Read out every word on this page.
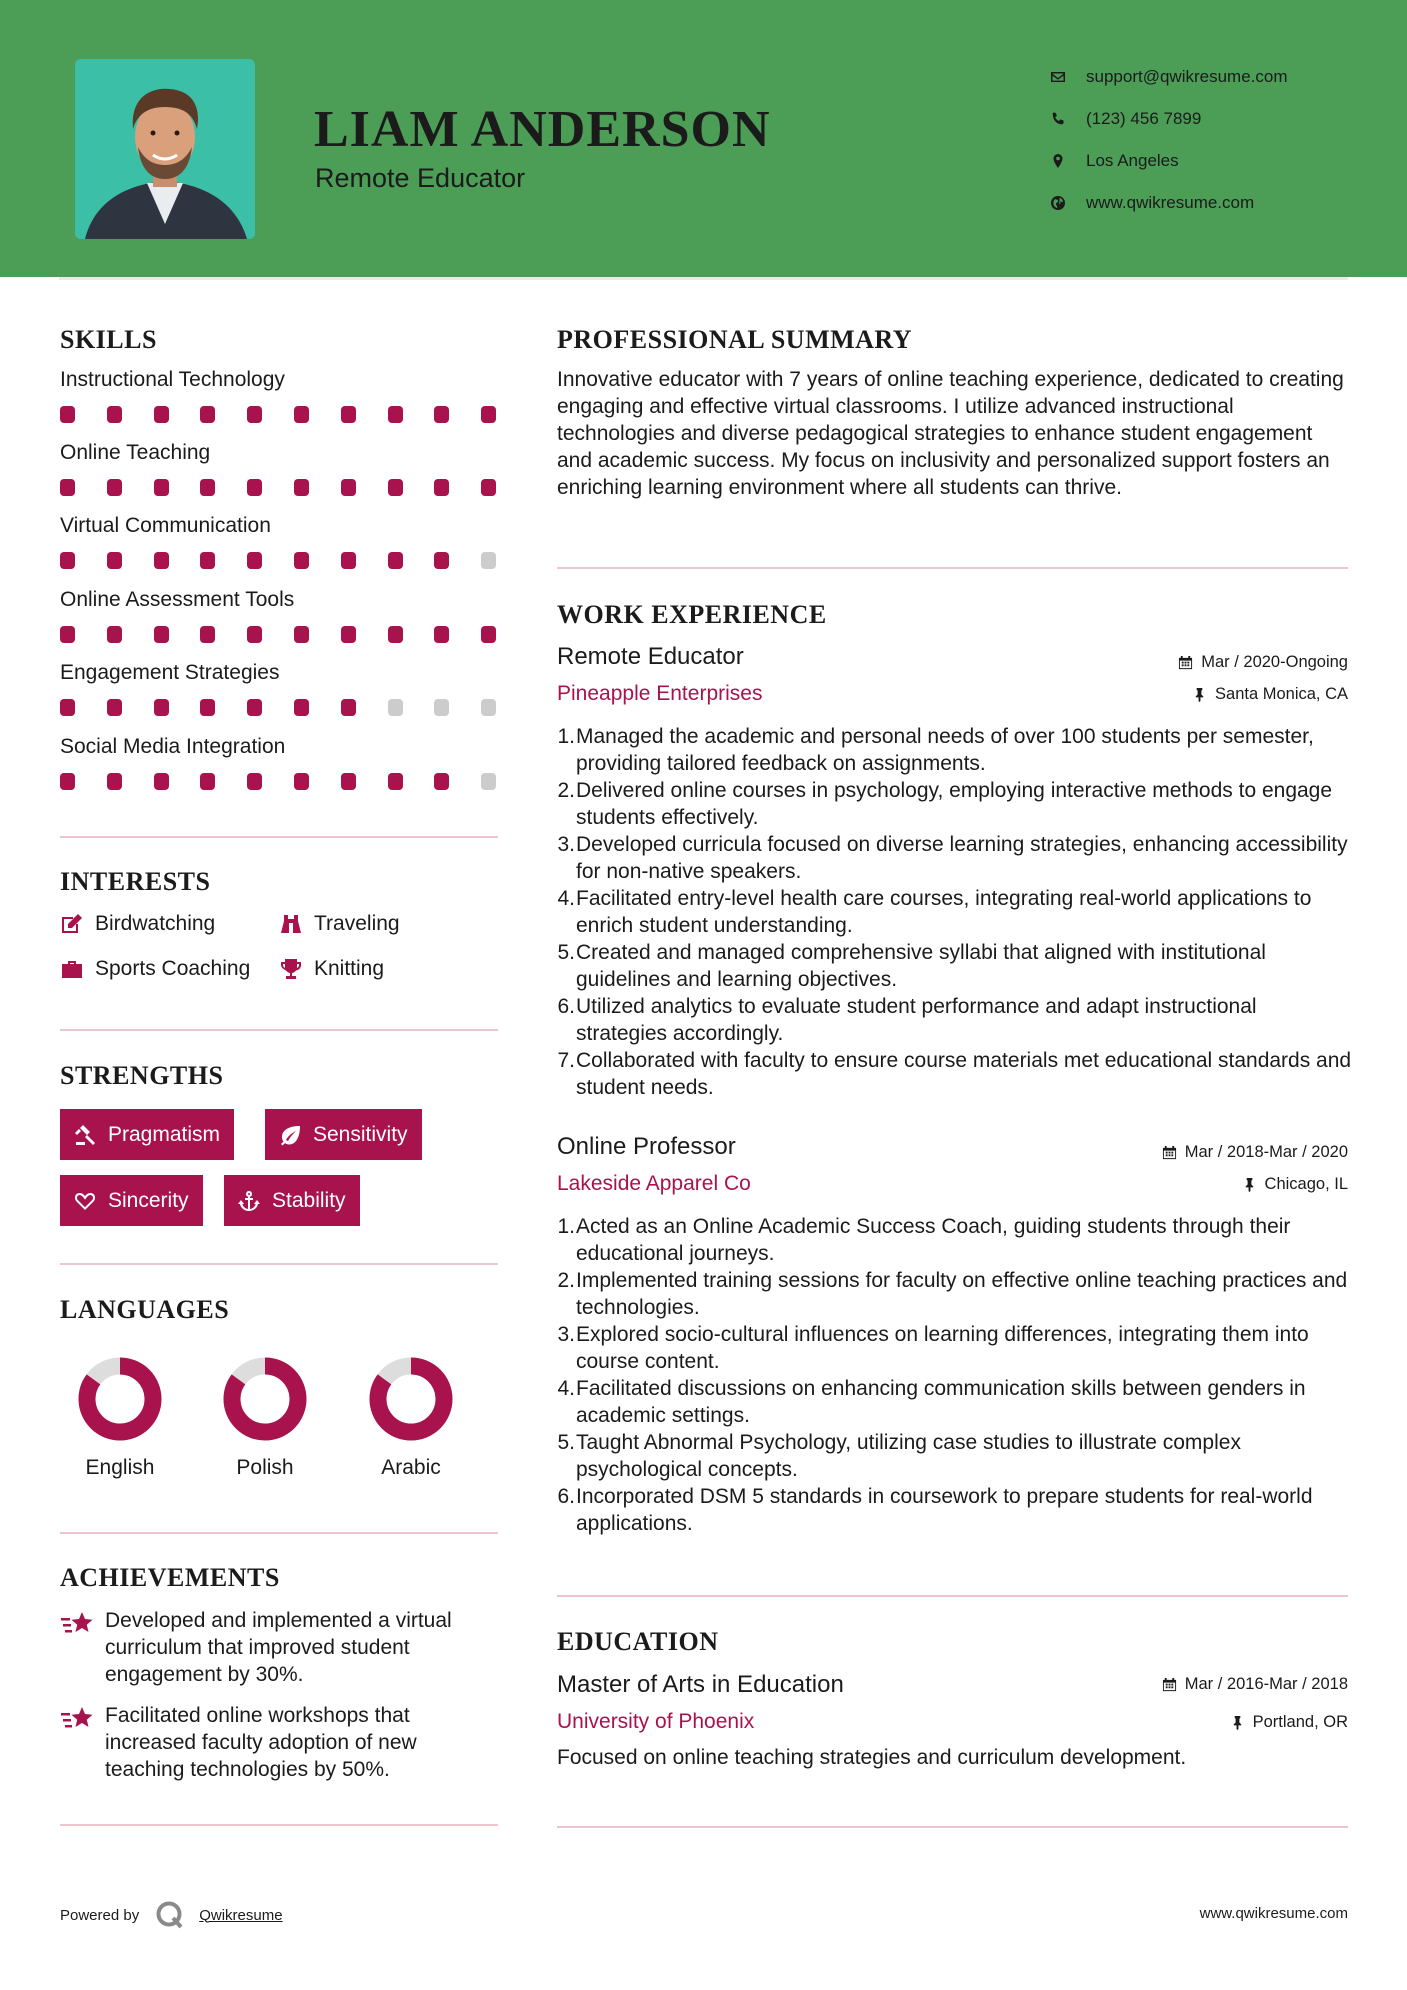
LIAM ANDERSON
Remote Educator
support@qwikresume.com
(123) 456 7899
Los Angeles
www.qwikresume.com
SKILLS
Instructional Technology
Online Teaching
Virtual Communication
Online Assessment Tools
Engagement Strategies
Social Media Integration
INTERESTS
Birdwatching	Traveling
Sports Coaching	Knitting
STRENGTHS
Pragmatism	Sensitivity
Sincerity	Stability
LANGUAGES
English	Polish	Arabic
ACHIEVEMENTS
Developed and implemented a virtual curriculum that improved student engagement by 30%.
Facilitated online workshops that increased faculty adoption of new teaching technologies by 50%.
PROFESSIONAL SUMMARY
Innovative educator with 7 years of online teaching experience, dedicated to creating engaging and effective virtual classrooms. I utilize advanced instructional technologies and diverse pedagogical strategies to enhance student engagement and academic success. My focus on inclusivity and personalized support fosters an enriching learning environment where all students can thrive.
WORK EXPERIENCE
Remote Educator	Mar / 2020-Ongoing
Pineapple Enterprises	Santa Monica, CA
1. Managed the academic and personal needs of over 100 students per semester, providing tailored feedback on assignments.
2. Delivered online courses in psychology, employing interactive methods to engage students effectively.
3. Developed curricula focused on diverse learning strategies, enhancing accessibility for non-native speakers.
4. Facilitated entry-level health care courses, integrating real-world applications to enrich student understanding.
5. Created and managed comprehensive syllabi that aligned with institutional guidelines and learning objectives.
6. Utilized analytics to evaluate student performance and adapt instructional strategies accordingly.
7. Collaborated with faculty to ensure course materials met educational standards and student needs.
Online Professor	Mar / 2018-Mar / 2020
Lakeside Apparel Co	Chicago, IL
1. Acted as an Online Academic Success Coach, guiding students through their educational journeys.
2. Implemented training sessions for faculty on effective online teaching practices and technologies.
3. Explored socio-cultural influences on learning differences, integrating them into course content.
4. Facilitated discussions on enhancing communication skills between genders in academic settings.
5. Taught Abnormal Psychology, utilizing case studies to illustrate complex psychological concepts.
6. Incorporated DSM 5 standards in coursework to prepare students for real-world applications.
EDUCATION
Master of Arts in Education	Mar / 2016-Mar / 2018
University of Phoenix	Portland, OR
Focused on online teaching strategies and curriculum development.
Powered by	Qwikresume	www.qwikresume.com
